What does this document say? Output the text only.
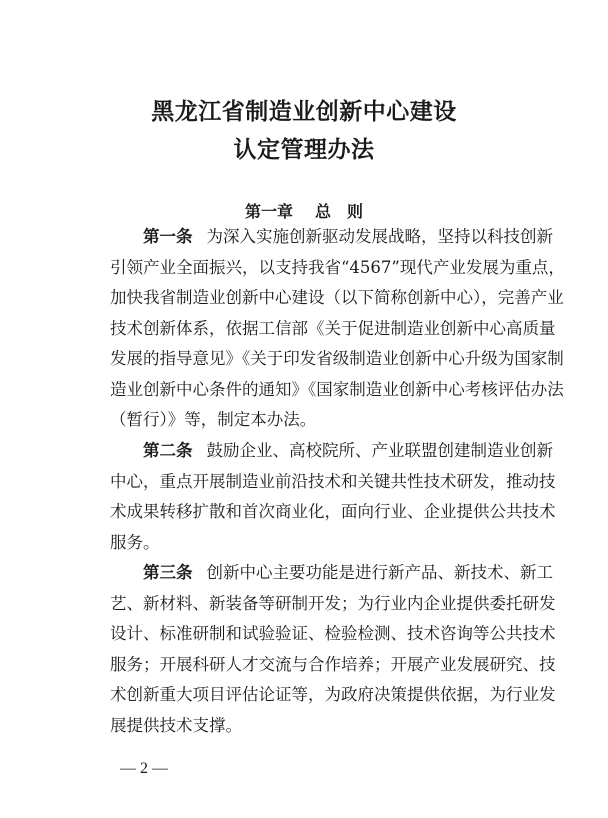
黑龙江省制造业创新中心建设
认定管理办法
第一章 总　则
第一条 为深入实施创新驱动发展战略，坚持以科技创新
引领产业全面振兴，以支持我省“4567”现代产业发展为重点，
加快我省制造业创新中心建设（以下简称创新中心），完善产业
技术创新体系，依据工信部《关于促进制造业创新中心高质量
发展的指导意见》《关于印发省级制造业创新中心升级为国家制
造业创新中心条件的通知》《国家制造业创新中心考核评估办法
（暂行）》等，制定本办法。
第二条 鼓励企业、高校院所、产业联盟创建制造业创新
中心，重点开展制造业前沿技术和关键共性技术研发，推动技
术成果转移扩散和首次商业化，面向行业、企业提供公共技术
服务。
第三条 创新中心主要功能是进行新产品、新技术、新工
艺、新材料、新装备等研制开发；为行业内企业提供委托研发
设计、标准研制和试验验证、检验检测、技术咨询等公共技术
服务；开展科研人才交流与合作培养；开展产业发展研究、技
术创新重大项目评估论证等，为政府决策提供依据，为行业发
展提供技术支撑。
— 2 —
